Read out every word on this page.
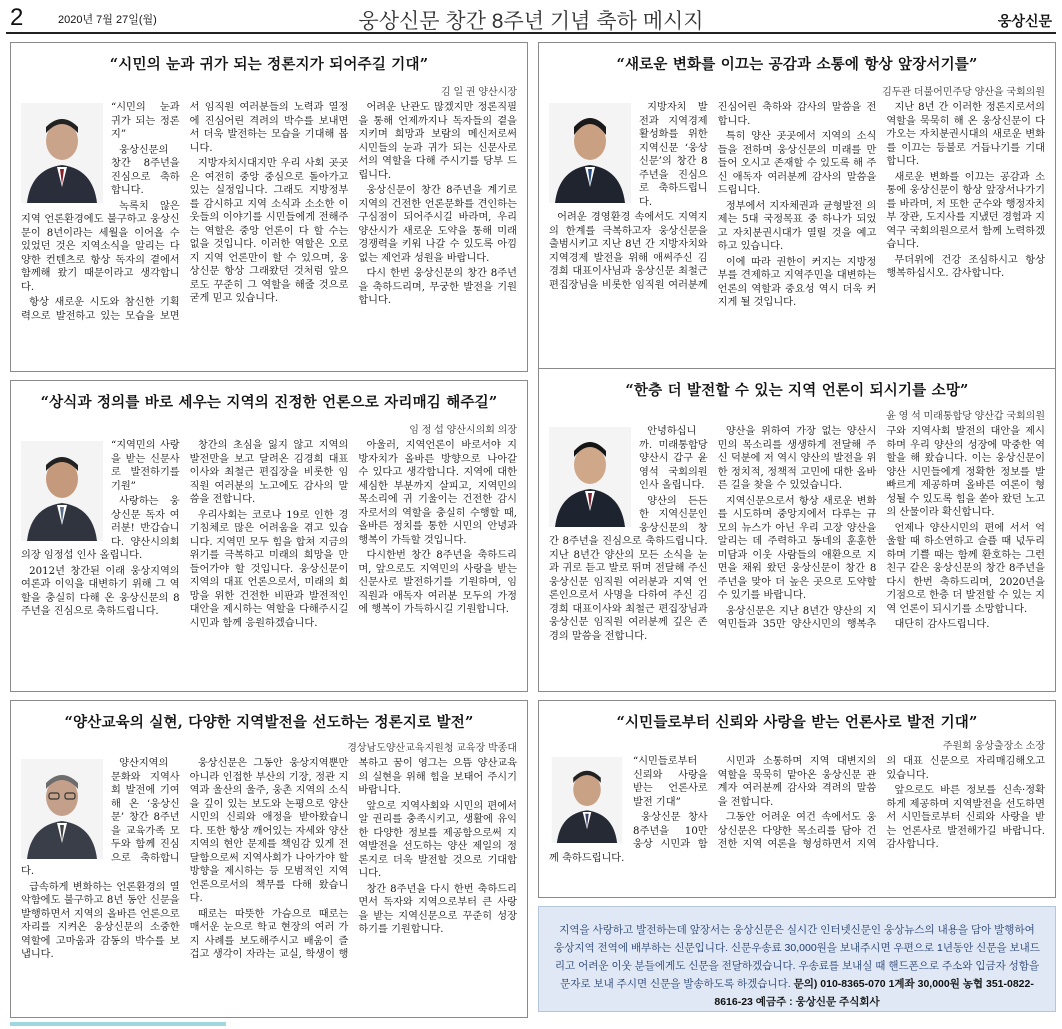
2	2020년 7월 27일(월)	웅상신문 창간 8주년 기념 축하 메시지	웅상신문
“시민의 눈과 귀가 되는 정론지가 되어주길 기대”
김 일 권 양산시장

“시민의 눈과 귀가 되는 정론지”

웅상신문의 창간 8주년을 진심으로 축하합니다.

녹록치 않은 지역 언론환경에도 불구하고 웅상신문이 8년이라는 세월을 이어올 수 있었던 것은 지역소식을 알리는 다양한 컨텐츠로 항상 독자의 곁에서 함께해 왔기 때문이라고 생각합니다.

항상 새로운 시도와 참신한 기획력으로 발전하고 있는 모습을 보면서 임직원 여러분들의 노력과 열정에 진심어린 격려의 박수를 보내면서 더욱 발전하는 모습을 기대해 봅니다.

지방자치시대지만 우리 사회 곳곳은 여전히 중앙 중심으로 돌아가고 있는 실정입니다. 그래도 지방정부를 감시하고 지역 소식과 소소한 이웃들의 이야기를 시민들에게 전해주는 역할은 중앙 언론이 다 할 수는 없을 것입니다. 이러한 역할은 오로지 지역 언론만이 할 수 있으며, 웅상신문 항상 그래왔던 것처럼 앞으로도 꾸준히 그 역할을 해줄 것으로 굳게 믿고 있습니다.

어려운 난관도 많겠지만 정론직필을 통해 언제까지나 독자들의 곁을 지키며 희망과 보람의 메신저로써 시민들의 눈과 귀가 되는 신문사로서의 역할을 다해 주시기를 당부 드립니다.

웅상신문이 창간 8주년을 계기로 지역의 건전한 언론문화를 견인하는 구심점이 되어주시길 바라며, 우리 양산시가 새로운 도약을 통해 미래경쟁력을 키워 나갈 수 있도록 아낌없는 제언과 성원을 바랍니다.

다시 한번 웅상신문의 창간 8주년을 축하드리며, 무궁한 발전을 기원합니다.

“새로운 변화를 이끄는 공감과 소통에 항상 앞장서기를”
김두관 더불어민주당 양산을 국회의원

지방자치 발전과 지역경제 활성화를 위한 지역신문 ‘웅상신문’의 창간 8주년을 진심으로 축하드립니다.

어려운 경영환경 속에서도 지역지의 한계를 극복하고자 웅상신문을 출범시키고 지난 8년 간 지방자치와 지역경제 발전을 위해 애써주신 김경희 대표이사님과 웅상신문 최철근편집장님을 비롯한 임직원 여러분께 진심어린 축하와 감사의 말씀을 전합니다.

특히 양산 곳곳에서 지역의 소식들을 전하며 웅상신문의 미래를 만들어 오시고 존재할 수 있도록 해 주신 애독자 여러분께 감사의 말씀을 드립니다.

정부에서 지자체권과 균형발전 의제는 5대 국정목표 중 하나가 되었고 자치분권시대가 열릴 것을 예고하고 있습니다.

이에 따라 권한이 커지는 지방정부를 견제하고 지역주민을 대변하는 언론의 역할과 중요성 역시 더욱 커지게 될 것입니다.

지난 8년 간 이러한 정론지로서의 역할을 묵묵히 해 온 웅상신문이 다가오는 자치분권시대의 새로운 변화를 이끄는 등불로 거듭나기를 기대합니다.

새로운 변화를 이끄는 공감과 소통에 웅상신문이 항상 앞장서나가기를 바라며, 저 또한 군수와 행정자치부 장관, 도지사를 지냈던 경험과 지역구 국회의원으로서 함께 노력하겠습니다.

무더위에 건강 조심하시고 항상 행복하십시오. 감사합니다.

“상식과 정의를 바로 세우는 지역의 진정한 언론으로 자리매김 해주길”
임 정 섭 양산시의회 의장

“지역민의 사랑을 받는 신문사로 발전하기를 기원”

사랑하는 웅상신문 독자 여러분! 반갑습니다. 양산시의회 의장 임정섭 인사 올립니다.

2012년 창간된 이래 웅상지역의 여론과 이익을 대변하기 위해 그 역할을 충실히 다해 온 웅상신문의 8주년을 진심으로 축하드립니다.

창간의 초심을 잃지 않고 지역의 발전만을 보고 달려온 김경희 대표이사와 최철근 편집장을 비롯한 임직원 여러분의 노고에도 감사의 말씀을 전합니다.

우리사회는 코로나 19로 인한 경기침체로 많은 어려움을 겪고 있습니다. 지역민 모두 힘을 합쳐 지금의 위기를 극복하고 미래의 희망을 만들어가야 할 것입니다. 웅상신문이 지역의 대표 언론으로서, 미래의 희망을 위한 건전한 비판과 발전적인 대안을 제시하는 역할을 다해주시길 시민과 함께 응원하겠습니다.

아울러, 지역언론이 바로서야 지방자치가 올바른 방향으로 나아갈 수 있다고 생각합니다. 지역에 대한 세심한 부분까지 살피고, 지역민의 목소리에 귀 기울이는 건전한 감시자로서의 역할을 충실히 수행할 때, 올바른 정치를 통한 시민의 안녕과 행복이 가득할 것입니다.

다시한번 창간 8주년을 축하드리며, 앞으로도 지역민의 사랑을 받는 신문사로 발전하기를 기원하며, 임직원과 애독자 여러분 모두의 가정에 행복이 가득하시길 기원합니다.

“한층 더 발전할 수 있는 지역 언론이 되시기를 소망”
윤 영 석 미래통합당 양산갑 국회의원

안녕하십니까. 미래통합당 양산시 갑구 윤영석 국회의원 인사 올립니다.

양산의 든든한 지역신문인 웅상신문의 창간 8주년을 진심으로 축하드립니다. 지난 8년간 양산의 모든 소식을 눈과 귀로 듣고 발로 뛰며 전달해 주신 웅상신문 임직원 여러분과 지역 언론인으로서 사명을 다하여 주신 김경희 대표이사와 최철근 편집장님과 웅상신문 임직원 여러분께 깊은 존경의 말씀을 전합니다.

양산을 위하여 가장 없는 양산시민의 목소리를 생생하게 전달해 주신 덕분에 저 역시 양산의 발전을 위한 정치적, 정책적 고민에 대한 올바른 길을 찾을 수 있었습니다.

지역신문으로서 항상 새로운 변화를 시도하며 중앙지에서 다루는 규모의 뉴스가 아닌 우리 고장 양산을 알리는 데 주력하고 동네의 훈훈한 미담과 이웃 사람들의 애환으로 지면을 채워 왔던 웅상신문이 창간 8주년을 맞아 더 높은 곳으로 도약할 수 있기를 바랍니다.

웅상신문은 지난 8년간 양산의 지역민들과 35만 양산시민의 행복추구와 지역사회 발전의 대안을 제시하며 우리 양산의 성장에 막중한 역할을 해 왔습니다. 이는 웅상신문이 양산 시민들에게 정확한 정보를 발 빠르게 제공하며 올바른 여론이 형성될 수 있도록 힘을 쏟아 왔던 노고의 산물이라 확신합니다.

언제나 양산시민의 편에 서서 억울할 때 하소연하고 슬플 때 넋두리하며 기쁠 때는 함께 환호하는 그런 친구 같은 웅상신문의 창간 8주년을 다시 한번 축하드리며, 2020년을 기점으로 한층 더 발전할 수 있는 지역 언론이 되시기를 소망합니다.

대단히 감사드립니다.

“양산교육의 실현, 다양한 지역발전을 선도하는 정론지로 발전”
경상남도양산교육지원청 교육장 박종대

양산지역의 문화와 지역사회 발전에 기여해 온 ‘웅상신문’ 창간 8주년을 교육가족 모두와 함께 진심으로 축하합니다.

급속하게 변화하는 언론환경의 열악함에도 불구하고 8년 동안 신문을 발행하면서 지역의 올바른 언론으로 자리를 지켜온 웅상신문의 소중한 역할에 고마움과 감동의 박수를 보냅니다.

웅상신문은 그동안 웅상지역뿐만 아니라 인접한 부산의 기장, 정관 지역과 울산의 울주, 웅촌 지역의 소식을 깊이 있는 보도와 논평으로 양산시민의 신뢰와 애정을 받아왔습니다. 또한 항상 깨어있는 자세와 양산지역의 현안 문제를 책임감 있게 전달함으로써 지역사회가 나아가야 할 방향을 제시하는 등 모범적인 지역 언론으로서의 책무를 다해 왔습니다.

때로는 따뜻한 가슴으로 때로는 매서운 눈으로 학교 현장의 여러 가지 사례를 보도해주시고 배움이 즐겁고 생각이 자라는 교실, 학생이 행복하고 꿈이 영그는 으뜸 양산교육의 실현을 위해 힘을 보태어 주시기 바랍니다.

앞으로 지역사회와 시민의 편에서 알 권리를 충족시키고, 생활에 유익한 다양한 정보를 제공함으로써 지역발전을 선도하는 양산 제일의 정론지로 더욱 발전할 것으로 기대합니다.

창간 8주년을 다시 한번 축하드리면서 독자와 지역으로부터 큰 사랑을 받는 지역신문으로 꾸준히 성장하기를 기원합니다.

“시민들로부터 신뢰와 사랑을 받는 언론사로 발전 기대”
주원회 웅상출장소 소장

“시민들로부터 신뢰와 사랑을 받는 언론사로 발전 기대”

웅상신문 창사 8주년을 10만 웅상 시민과 함께 축하드립니다.

시민과 소통하며 지역 대변지의 역할을 묵묵히 맡아온 웅상신문 관계자 여러분께 감사와 격려의 말씀을 전합니다.

그동안 어려운 여건 속에서도 웅상신문은 다양한 목소리를 담아 건전한 지역 여론을 형성하면서 지역의 대표 신문으로 자리매김해오고 있습니다.

앞으로도 바른 정보를 신속·정확하게 제공하며 지역발전을 선도하면서 시민들로부터 신뢰와 사랑을 받는 언론사로 발전해가길 바랍니다. 감사합니다.

지역을 사랑하고 발전하는데 앞장서는 웅상신문은 실시간 인터넷신문인 웅상뉴스의 내용을 담아 발행하여 웅상지역 전역에 배부하는 신문입니다. 신문우송료 30,000원을 보내주시면 우편으로 1년동안 신문을 보내드리고 어려운 이웃 분들에게도 신문을 전달하겠습니다. 우송료를 보내실 때 핸드폰으로 주소와 입금자 성함을 문자로 보내 주시면 신문을 발송하도록 하겠습니다. 문의) 010-8365-070 1계좌 30,000원 농협 351-0822-8616-23 예금주 : 웅상신문 주식회사
